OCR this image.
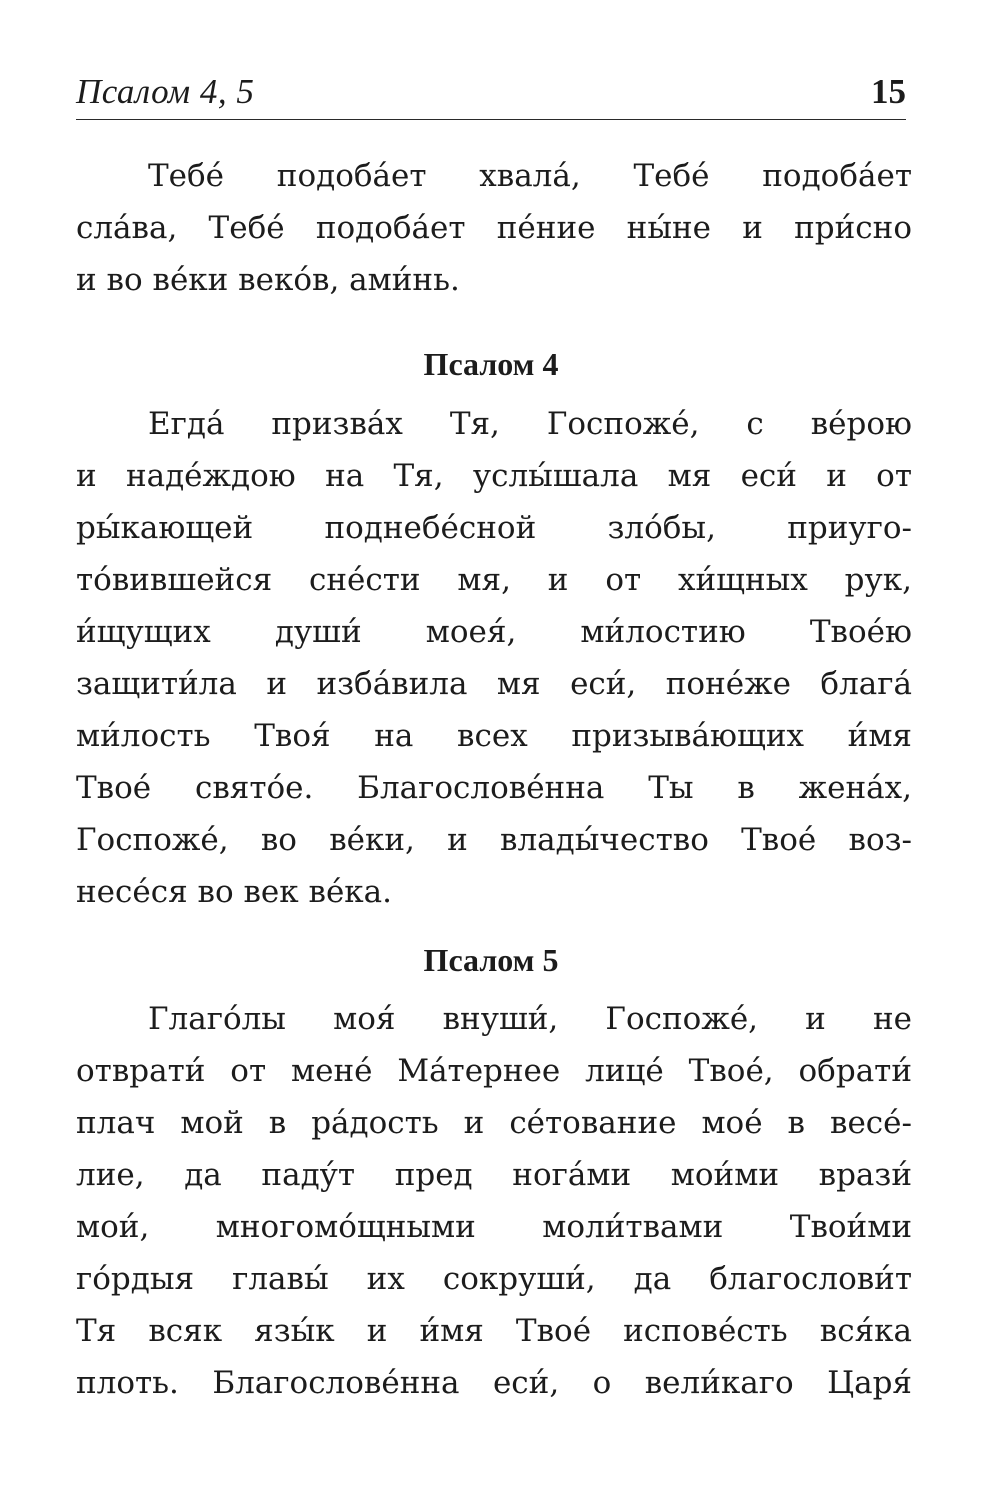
Псалом 4, 5	15
Тебе́ подоба́ет хвала́, Тебе́ подоба́ет
сла́ва, Тебе́ подоба́ет пе́ние ны́не и при́сно
и во ве́ки веко́в, ами́нь.
Псалом 4
Егда́ призва́х Тя, Госпоже́, с ве́рою
и наде́ждою на Тя, услы́шала мя еси́ и от
ры́кающей поднебе́сной зло́бы, приуго-
то́вившейся сне́сти мя, и от хи́щных рук,
и́щущих души́ моея́, ми́лостию Твое́ю
защити́ла и изба́вила мя еси́, поне́же блага́
ми́лость Твоя́ на всех призыва́ющих и́мя
Твое́ свято́е. Благослове́нна Ты в жена́х,
Госпоже́, во ве́ки, и влады́чество Твое́ воз-
несе́ся во век ве́ка.
Псалом 5
Глаго́лы моя́ внуши́, Госпоже́, и не
отврати́ от мене́ Ма́тернее лице́ Твое́, обрати́
плач мой в ра́дость и се́тование мое́ в весе́-
лие, да паду́т пред нога́ми мои́ми врази́
мои́, многомо́щными моли́твами Твои́ми
го́рдыя главы́ их сокруши́, да благослови́т
Тя всяк язы́к и и́мя Твое́ испове́сть вся́ка
плоть. Благослове́нна еси́, о вели́каго Царя́
